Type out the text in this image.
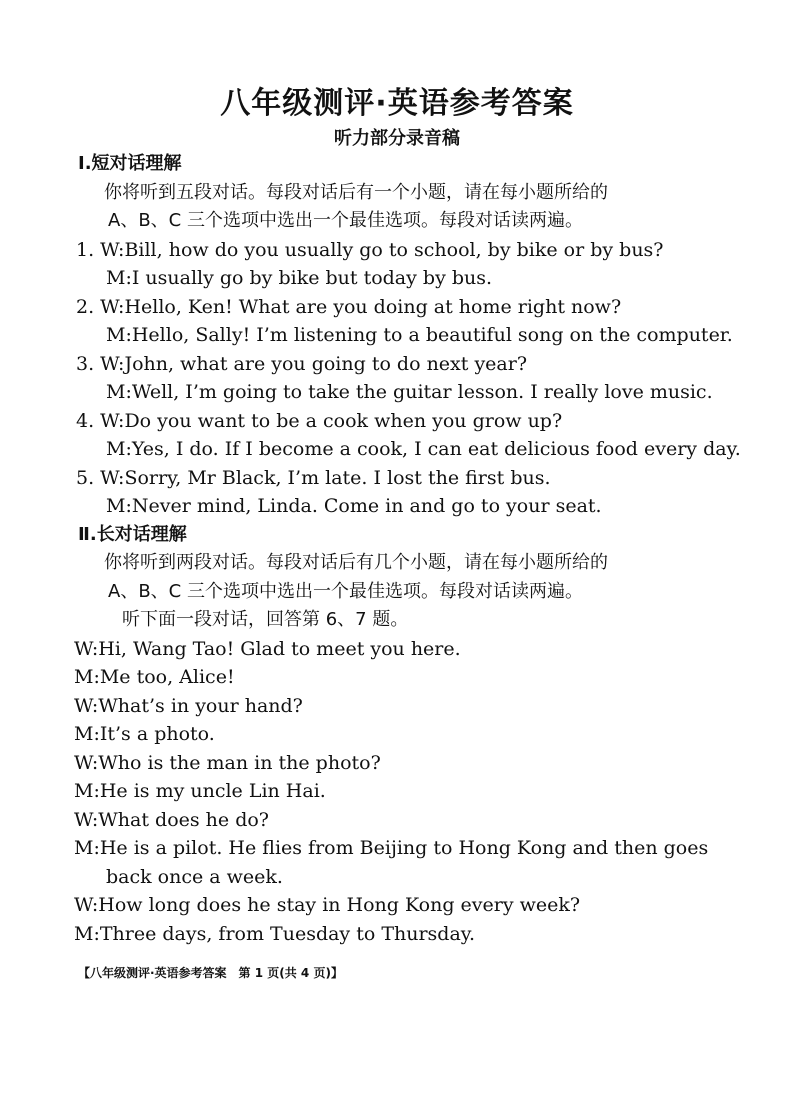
八年级测评·英语参考答案
听力部分录音稿
Ⅰ.短对话理解
你将听到五段对话。每段对话后有一个小题，请在每小题所给的
A、B、C 三个选项中选出一个最佳选项。每段对话读两遍。
1. W:Bill, how do you usually go to school, by bike or by bus?
M:I usually go by bike but today by bus.
2. W:Hello, Ken! What are you doing at home right now?
M:Hello, Sally! I’m listening to a beautiful song on the computer.
3. W:John, what are you going to do next year?
M:Well, I’m going to take the guitar lesson. I really love music.
4. W:Do you want to be a cook when you grow up?
M:Yes, I do. If I become a cook, I can eat delicious food every day.
5. W:Sorry, Mr Black, I’m late. I lost the first bus.
M:Never mind, Linda. Come in and go to your seat.
Ⅱ.长对话理解
你将听到两段对话。每段对话后有几个小题，请在每小题所给的
A、B、C 三个选项中选出一个最佳选项。每段对话读两遍。
听下面一段对话，回答第 6、7 题。
W:Hi, Wang Tao! Glad to meet you here.
M:Me too, Alice!
W:What’s in your hand?
M:It’s a photo.
W:Who is the man in the photo?
M:He is my uncle Lin Hai.
W:What does he do?
M:He is a pilot. He flies from Beijing to Hong Kong and then goes
back once a week.
W:How long does he stay in Hong Kong every week?
M:Three days, from Tuesday to Thursday.
【八年级测评·英语参考答案　第 1 页(共 4 页)】
